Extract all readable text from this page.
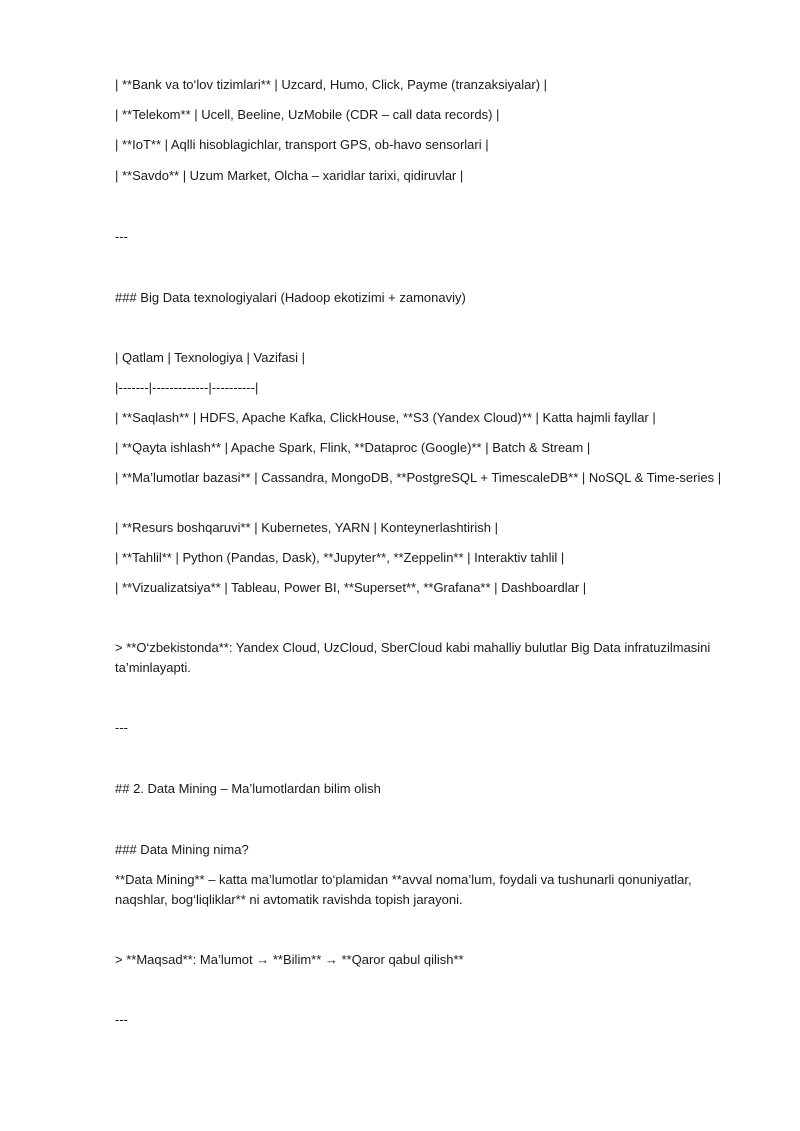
| **Bank va to‘lov tizimlari** | Uzcard, Humo, Click, Payme (tranzaksiyalar) |
| **Telekom** | Ucell, Beeline, UzMobile (CDR – call data records) |
| **IoT** | Aqlli hisoblagichlar, transport GPS, ob-havo sensorlari |
| **Savdo** | Uzum Market, Olcha – xaridlar tarixi, qidiruvlar |
---
### Big Data texnologiyalari (Hadoop ekotizimi + zamonaviy)
| Qatlam | Texnologiya | Vazifasi |
|-------|-------------|----------|
| **Saqlash** | HDFS, Apache Kafka, ClickHouse, **S3 (Yandex Cloud)** | Katta hajmli fayllar |
| **Qayta ishlash** | Apache Spark, Flink, **Dataproc (Google)** | Batch & Stream |
| **Ma’lumotlar bazasi** | Cassandra, MongoDB, **PostgreSQL + TimescaleDB** | NoSQL & Time-series |
| **Resurs boshqaruvi** | Kubernetes, YARN | Konteynerlashtirish |
| **Tahlil** | Python (Pandas, Dask), **Jupyter**, **Zeppelin** | Interaktiv tahlil |
| **Vizualizatsiya** | Tableau, Power BI, **Superset**, **Grafana** | Dashboardlar |
> **O‘zbekistonda**: Yandex Cloud, UzCloud, SberCloud kabi mahalliy bulutlar Big Data infratuzilmasini ta’minlayapti.
---
## 2. Data Mining – Ma’lumotlardan bilim olish
### Data Mining nima?
**Data Mining** – katta ma’lumotlar to‘plamidan **avval noma’lum, foydali va tushunarli qonuniyatlar, naqshlar, bog‘liqliklar** ni avtomatik ravishda topish jarayoni.
> **Maqsad**: Ma’lumot → **Bilim** → **Qaror qabul qilish**
---
